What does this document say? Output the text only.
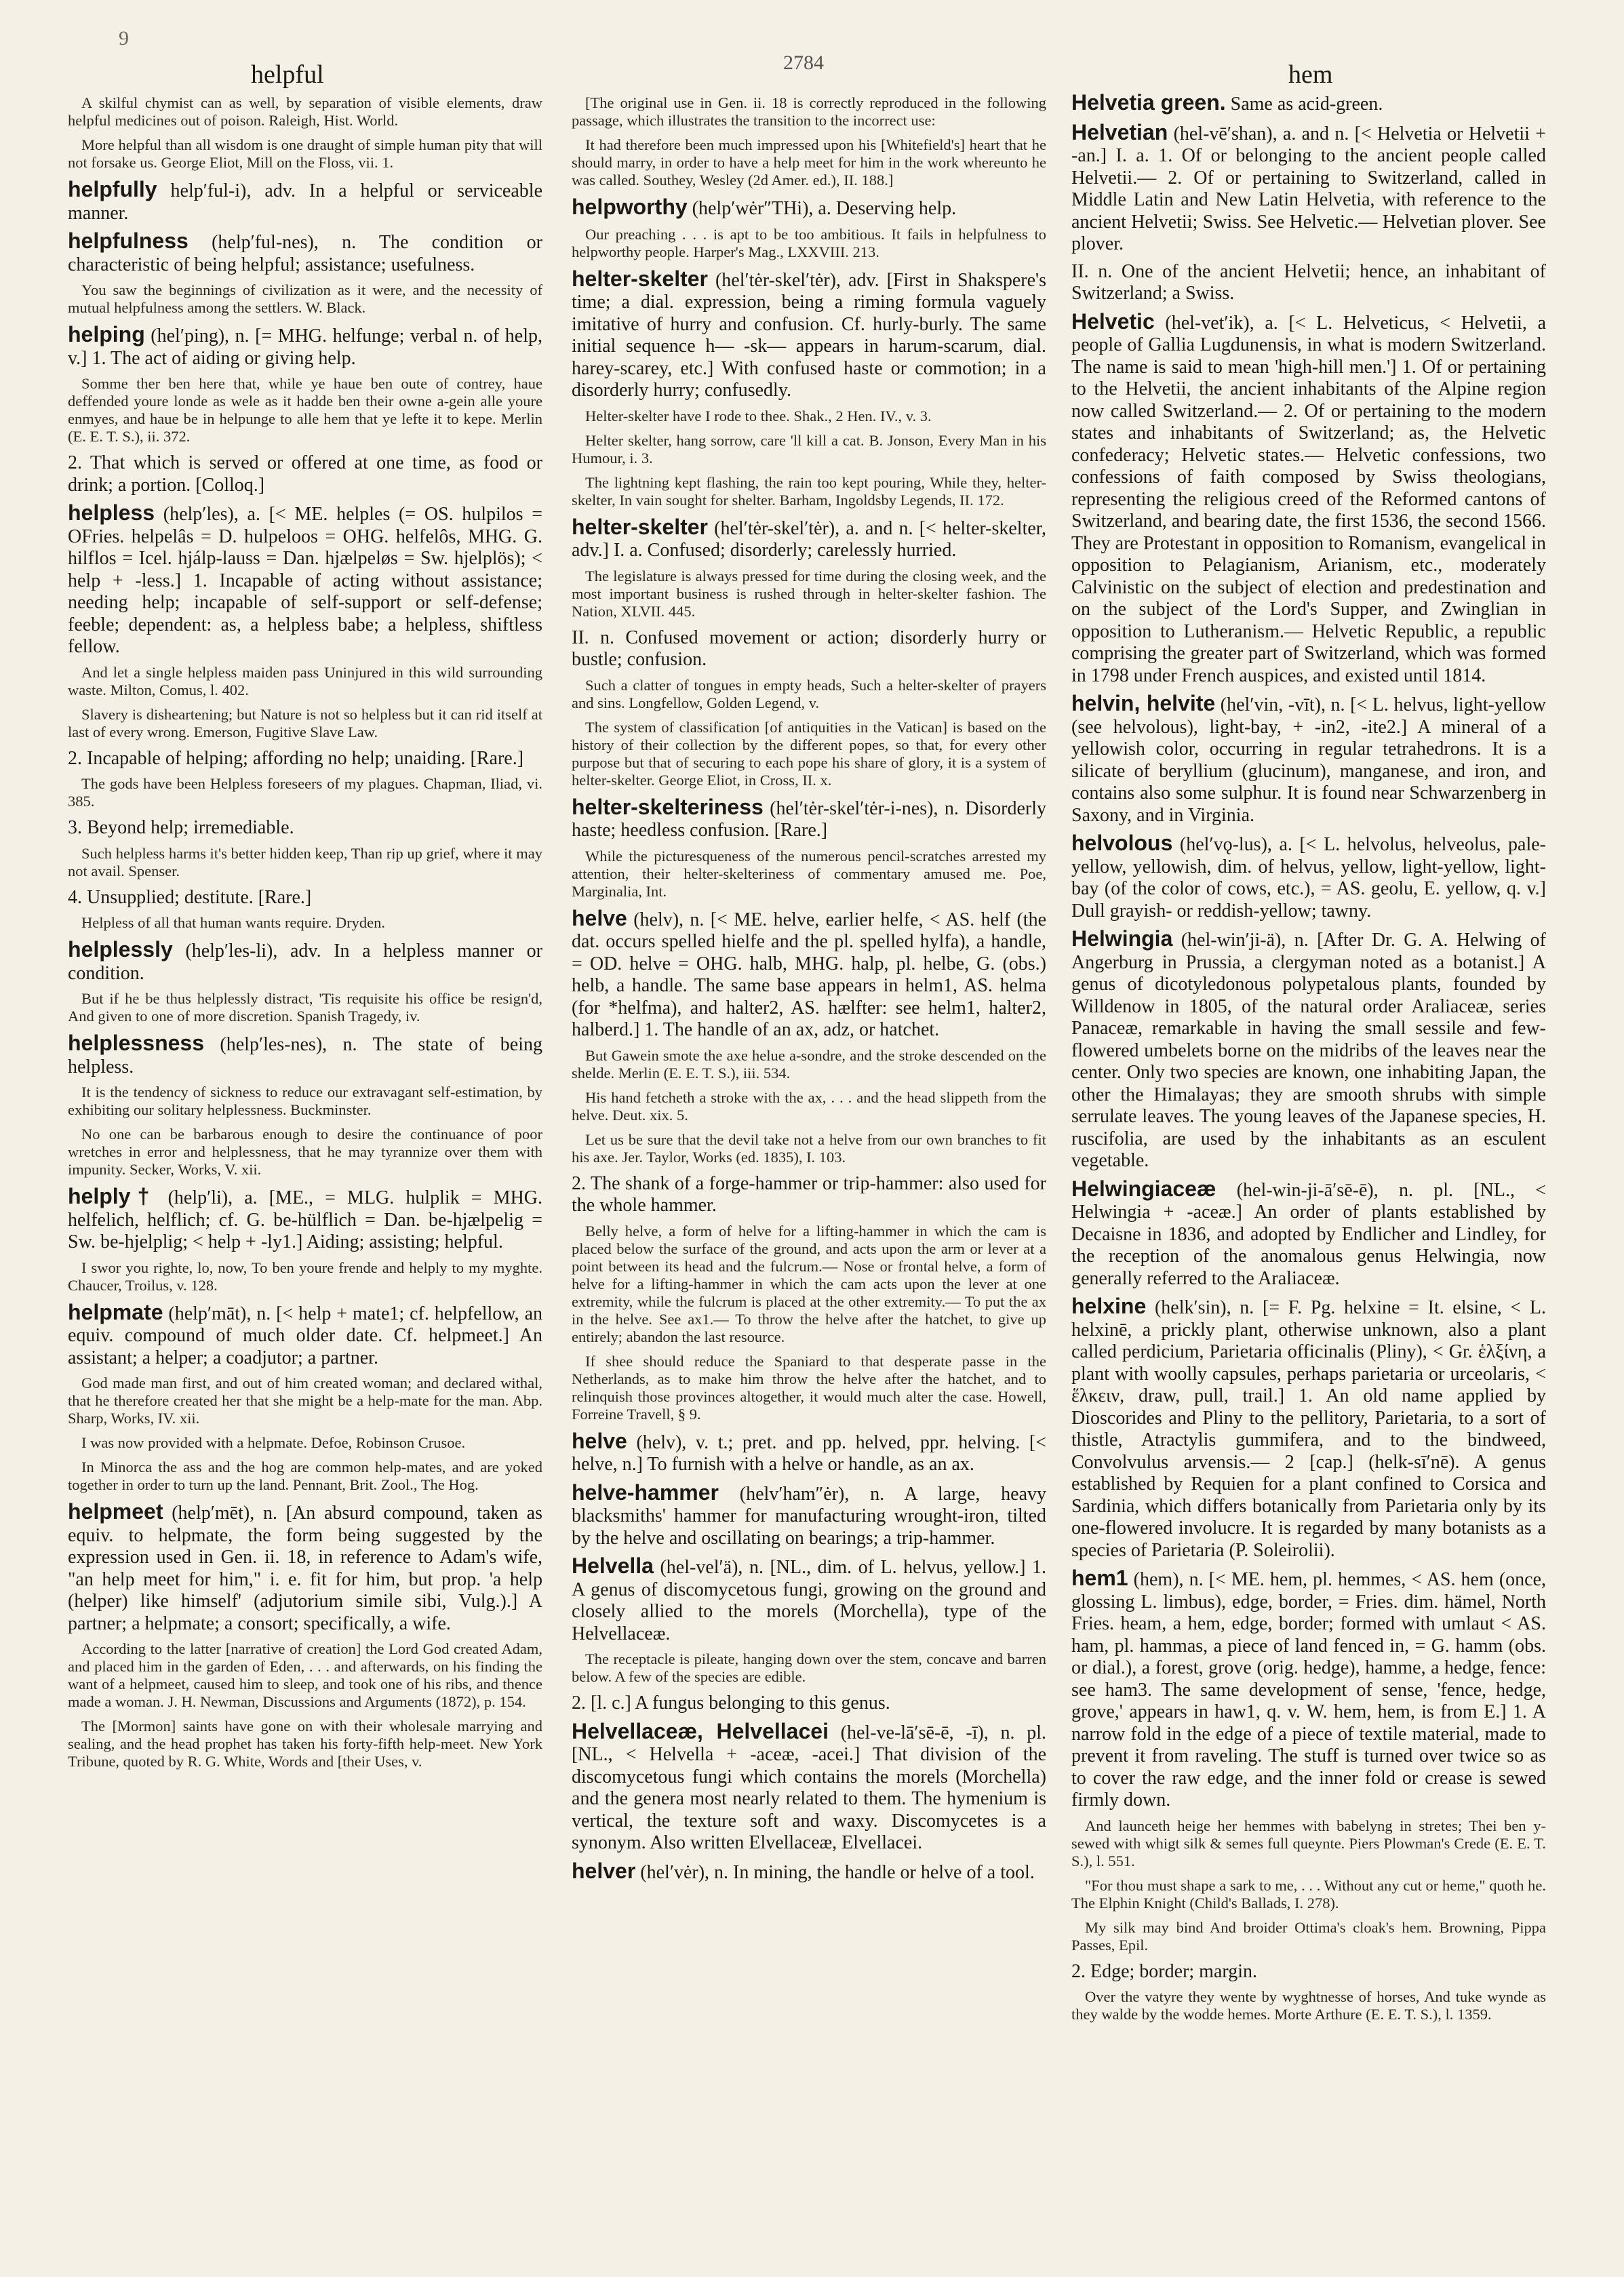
9
helpful	2784	hem
A skilful chymist can as well, by separation of visible elements, draw helpful medicines out of poison. Raleigh, Hist. World.
More helpful than all wisdom is one draught of simple human pity that will not forsake us. George Eliot, Mill on the Floss, vii. 1.
helpfully help′ful-i), adv. In a helpful or serviceable manner.
helpfulness (help′ful-nes), n. The condition or characteristic of being helpful; assistance; usefulness.
You saw the beginnings of civilization as it were, and the necessity of mutual helpfulness among the settlers. W. Black.
helping (hel′ping), n. [= MHG. helfunge; verbal n. of help, v.] 1. The act of aiding or giving help.
Somme ther ben here that, while ye haue ben oute of contrey, haue deffended youre londe as wele as it hadde ben their owne a-gein alle youre enmyes, and haue be in helpunge to alle hem that ye lefte it to kepe. Merlin (E. E. T. S.), ii. 372.
2. That which is served or offered at one time, as food or drink; a portion. [Colloq.]
helpless (help′les), a. [< ME. helples (= OS. hulpilos = OFries. helpelâs = D. hulpeloos = OHG. helfelôs, MHG. G. hilflos = Icel. hjálp-lauss = Dan. hjælpeløs = Sw. hjelplös); < help + -less.] 1. Incapable of acting without assistance; needing help; incapable of self-support or self-defense; feeble; dependent: as, a helpless babe; a helpless, shiftless fellow.
And let a single helpless maiden pass Uninjured in this wild surrounding waste. Milton, Comus, l. 402.
Slavery is disheartening; but Nature is not so helpless but it can rid itself at last of every wrong. Emerson, Fugitive Slave Law.
2. Incapable of helping; affording no help; unaiding. [Rare.]
The gods have been Helpless foreseers of my plagues. Chapman, Iliad, vi. 385.
3. Beyond help; irremediable.
Such helpless harms it's better hidden keep, Than rip up grief, where it may not avail. Spenser.
4. Unsupplied; destitute. [Rare.]
Helpless of all that human wants require. Dryden.
helplessly (help′les-li), adv. In a helpless manner or condition.
But if he be thus helplessly distract, 'Tis requisite his office be resign'd, And given to one of more discretion. Spanish Tragedy, iv.
helplessness (help′les-nes), n. The state of being helpless.
It is the tendency of sickness to reduce our extravagant self-estimation, by exhibiting our solitary helplessness. Buckminster.
No one can be barbarous enough to desire the continuance of poor wretches in error and helplessness, that he may tyrannize over them with impunity. Secker, Works, V. xii.
helply† (help′li), a. [ME., = MLG. hulplik = MHG. helfelich, helflich; cf. G. be-hülflich = Dan. be-hjælpelig = Sw. be-hjelplig; < help + -ly1.] Aiding; assisting; helpful.
I swor you righte, lo, now, To ben youre frende and helply to my myghte. Chaucer, Troilus, v. 128.
helpmate (help′māt), n. [< help + mate1; cf. helpfellow, an equiv. compound of much older date. Cf. helpmeet.] An assistant; a helper; a coadjutor; a partner.
God made man first, and out of him created woman; and declared withal, that he therefore created her that she might be a help-mate for the man. Abp. Sharp, Works, IV. xii.
I was now provided with a helpmate. Defoe, Robinson Crusoe.
In Minorca the ass and the hog are common help-mates, and are yoked together in order to turn up the land. Pennant, Brit. Zool., The Hog.
helpmeet (help′mēt), n. [An absurd compound, taken as equiv. to helpmate, the form being suggested by the expression used in Gen. ii. 18, in reference to Adam's wife, "an help meet for him," i. e. fit for him, but prop. 'a help (helper) like himself' (adjutorium simile sibi, Vulg.).] A partner; a helpmate; a consort; specifically, a wife.
According to the latter [narrative of creation] the Lord God created Adam, and placed him in the garden of Eden, . . . and afterwards, on his finding the want of a helpmeet, caused him to sleep, and took one of his ribs, and thence made a woman. J. H. Newman, Discussions and Arguments (1872), p. 154.
The [Mormon] saints have gone on with their wholesale marrying and sealing, and the head prophet has taken his forty-fifth help-meet. New York Tribune, quoted by R. G. White, Words and [their Uses, v.
[The original use in Gen. ii. 18 is correctly reproduced in the following passage, which illustrates the transition to the incorrect use:
It had therefore been much impressed upon his [Whitefield's] heart that he should marry, in order to have a help meet for him in the work whereunto he was called. Southey, Wesley (2d Amer. ed.), II. 188.]
helpworthy (help′wėr″THi), a. Deserving help.
Our preaching . . . is apt to be too ambitious. It fails in helpfulness to helpworthy people. Harper's Mag., LXXVIII. 213.
helter-skelter (hel′tėr-skel′tėr), adv. [First in Shakspere's time; a dial. expression, being a riming formula vaguely imitative of hurry and confusion. Cf. hurly-burly. The same initial sequence h— -sk— appears in harum-scarum, dial. harey-scarey, etc.] With confused haste or commotion; in a disorderly hurry; confusedly.
Helter-skelter have I rode to thee. Shak., 2 Hen. IV., v. 3.
Helter skelter, hang sorrow, care 'll kill a cat. B. Jonson, Every Man in his Humour, i. 3.
The lightning kept flashing, the rain too kept pouring, While they, helter-skelter, In vain sought for shelter. Barham, Ingoldsby Legends, II. 172.
helter-skelter (hel′tėr-skel′tėr), a. and n. [< helter-skelter, adv.] I. a. Confused; disorderly; carelessly hurried.
The legislature is always pressed for time during the closing week, and the most important business is rushed through in helter-skelter fashion. The Nation, XLVII. 445.
II. n. Confused movement or action; disorderly hurry or bustle; confusion.
Such a clatter of tongues in empty heads, Such a helter-skelter of prayers and sins. Longfellow, Golden Legend, v.
The system of classification [of antiquities in the Vatican] is based on the history of their collection by the different popes, so that, for every other purpose but that of securing to each pope his share of glory, it is a system of helter-skelter. George Eliot, in Cross, II. x.
helter-skelteriness (hel′tėr-skel′tėr-i-nes), n. Disorderly haste; heedless confusion. [Rare.]
While the picturesqueness of the numerous pencil-scratches arrested my attention, their helter-skelteriness of commentary amused me. Poe, Marginalia, Int.
helve (helv), n. [< ME. helve, earlier helfe, < AS. helf (the dat. occurs spelled hielfe and the pl. spelled hylfa), a handle, = OD. helve = OHG. halb, MHG. halp, pl. helbe, G. (obs.) helb, a handle. The same base appears in helm1, AS. helma (for *helfma), and halter2, AS. hælfter: see helm1, halter2, halberd.] 1. The handle of an ax, adz, or hatchet.
But Gawein smote the axe helue a-sondre, and the stroke descended on the shelde. Merlin (E. E. T. S.), iii. 534.
His hand fetcheth a stroke with the ax, . . . and the head slippeth from the helve. Deut. xix. 5.
Let us be sure that the devil take not a helve from our own branches to fit his axe. Jer. Taylor, Works (ed. 1835), I. 103.
2. The shank of a forge-hammer or trip-hammer: also used for the whole hammer.
Belly helve, a form of helve for a lifting-hammer in which the cam is placed below the surface of the ground, and acts upon the arm or lever at a point between its head and the fulcrum.— Nose or frontal helve, a form of helve for a lifting-hammer in which the cam acts upon the lever at one extremity, while the fulcrum is placed at the other extremity.— To put the ax in the helve. See ax1.— To throw the helve after the hatchet, to give up entirely; abandon the last resource.
If shee should reduce the Spaniard to that desperate passe in the Netherlands, as to make him throw the helve after the hatchet, and to relinquish those provinces altogether, it would much alter the case. Howell, Forreine Travell, § 9.
helve (helv), v. t.; pret. and pp. helved, ppr. helving. [< helve, n.] To furnish with a helve or handle, as an ax.
helve-hammer (helv′ham″ėr), n. A large, heavy blacksmiths' hammer for manufacturing wrought-iron, tilted by the helve and oscillating on bearings; a trip-hammer.
Helvella (hel-vel′ä), n. [NL., dim. of L. helvus, yellow.] 1. A genus of discomycetous fungi, growing on the ground and closely allied to the morels (Morchella), type of the Helvellaceæ.
The receptacle is pileate, hanging down over the stem, concave and barren below. A few of the species are edible.
2. [l. c.] A fungus belonging to this genus.
Helvellaceæ, Helvellacei (hel-ve-lā′sē-ē, -ī), n. pl. [NL., < Helvella + -aceæ, -acei.] That division of the discomycetous fungi which contains the morels (Morchella) and the genera most nearly related to them. The hymenium is vertical, the texture soft and waxy. Discomycetes is a synonym. Also written Elvellaceæ, Elvellacei.
helver (hel′vėr), n. In mining, the handle or helve of a tool.
Helvetia green. Same as acid-green.
Helvetian (hel-vē′shan), a. and n. [< Helvetia or Helvetii + -an.] I. a. 1. Of or belonging to the ancient people called Helvetii.— 2. Of or pertaining to Switzerland, called in Middle Latin and New Latin Helvetia, with reference to the ancient Helvetii; Swiss. See Helvetic.— Helvetian plover. See plover.
II. n. One of the ancient Helvetii; hence, an inhabitant of Switzerland; a Swiss.
Helvetic (hel-vet′ik), a. [< L. Helveticus, < Helvetii, a people of Gallia Lugdunensis, in what is modern Switzerland. The name is said to mean 'high-hill men.'] 1. Of or pertaining to the Helvetii, the ancient inhabitants of the Alpine region now called Switzerland.— 2. Of or pertaining to the modern states and inhabitants of Switzerland; as, the Helvetic confederacy; Helvetic states.— Helvetic confessions, two confessions of faith composed by Swiss theologians, representing the religious creed of the Reformed cantons of Switzerland, and bearing date, the first 1536, the second 1566. They are Protestant in opposition to Romanism, evangelical in opposition to Pelagianism, Arianism, etc., moderately Calvinistic on the subject of election and predestination and on the subject of the Lord's Supper, and Zwinglian in opposition to Lutheranism.— Helvetic Republic, a republic comprising the greater part of Switzerland, which was formed in 1798 under French auspices, and existed until 1814.
helvin, helvite (hel′vin, -vīt), n. [< L. helvus, light-yellow (see helvolous), light-bay, + -in2, -ite2.] A mineral of a yellowish color, occurring in regular tetrahedrons. It is a silicate of beryllium (glucinum), manganese, and iron, and contains also some sulphur. It is found near Schwarzenberg in Saxony, and in Virginia.
helvolous (hel′vǫ-lus), a. [< L. helvolus, helveolus, pale-yellow, yellowish, dim. of helvus, yellow, light-yellow, light-bay (of the color of cows, etc.), = AS. geolu, E. yellow, q. v.] Dull grayish- or reddish-yellow; tawny.
Helwingia (hel-win′ji-ä), n. [After Dr. G. A. Helwing of Angerburg in Prussia, a clergyman noted as a botanist.] A genus of dicotyledonous polypetalous plants, founded by Willdenow in 1805, of the natural order Araliaceæ, series Panaceæ, remarkable in having the small sessile and few-flowered umbelets borne on the midribs of the leaves near the center. Only two species are known, one inhabiting Japan, the other the Himalayas; they are smooth shrubs with simple serrulate leaves. The young leaves of the Japanese species, H. ruscifolia, are used by the inhabitants as an esculent vegetable.
Helwingiaceæ (hel-win-ji-ā′sē-ē), n. pl. [NL., < Helwingia + -aceæ.] An order of plants established by Decaisne in 1836, and adopted by Endlicher and Lindley, for the reception of the anomalous genus Helwingia, now generally referred to the Araliaceæ.
helxine (helk′sin), n. [= F. Pg. helxine = It. elsine, < L. helxinē, a prickly plant, otherwise unknown, also a plant called perdicium, Parietaria officinalis (Pliny), < Gr. ἑλξίνη, a plant with woolly capsules, perhaps parietaria or urceolaris, < ἕλκειν, draw, pull, trail.] 1. An old name applied by Dioscorides and Pliny to the pellitory, Parietaria, to a sort of thistle, Atractylis gummifera, and to the bindweed, Convolvulus arvensis.— 2 [cap.] (helk-sī′nē). A genus established by Requien for a plant confined to Corsica and Sardinia, which differs botanically from Parietaria only by its one-flowered involucre. It is regarded by many botanists as a species of Parietaria (P. Soleirolii).
hem1 (hem), n. [< ME. hem, pl. hemmes, < AS. hem (once, glossing L. limbus), edge, border, = Fries. dim. hämel, North Fries. heam, a hem, edge, border; formed with umlaut < AS. ham, pl. hammas, a piece of land fenced in, = G. hamm (obs. or dial.), a forest, grove (orig. hedge), hamme, a hedge, fence: see ham3. The same development of sense, 'fence, hedge, grove,' appears in haw1, q. v. W. hem, hem, is from E.] 1. A narrow fold in the edge of a piece of textile material, made to prevent it from raveling. The stuff is turned over twice so as to cover the raw edge, and the inner fold or crease is sewed firmly down.
And launceth heige her hemmes with babelyng in stretes; Thei ben y-sewed with whigt silk & semes full queynte. Piers Plowman's Crede (E. E. T. S.), l. 551.
"For thou must shape a sark to me, . . . Without any cut or heme," quoth he. The Elphin Knight (Child's Ballads, I. 278).
My silk may bind And broider Ottima's cloak's hem. Browning, Pippa Passes, Epil.
2. Edge; border; margin.
Over the vatyre they wente by wyghtnesse of horses, And tuke wynde as they walde by the wodde hemes. Morte Arthure (E. E. T. S.), l. 1359.
